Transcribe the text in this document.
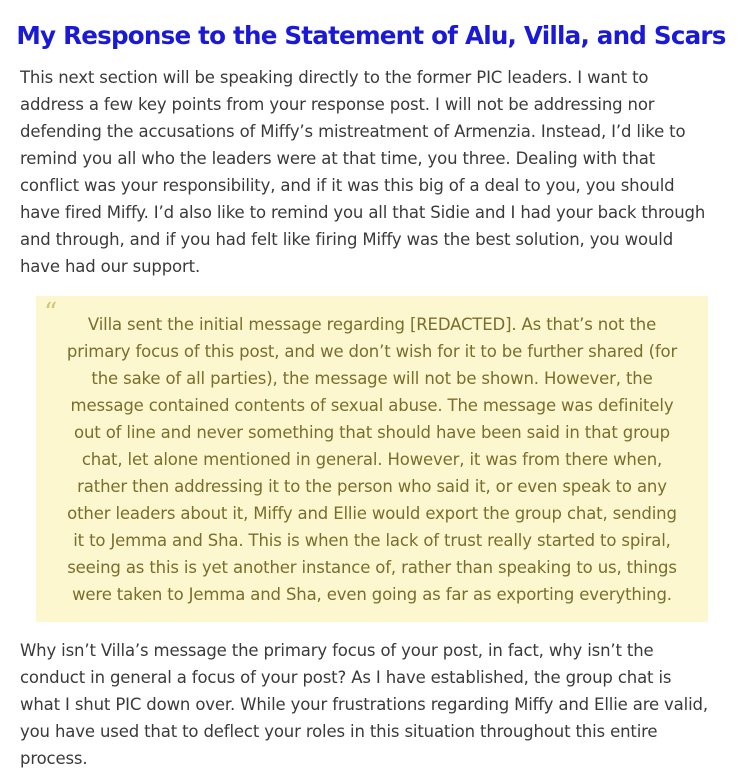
My Response to the Statement of Alu, Villa, and Scars

This next section will be speaking directly to the former PIC leaders. I want to
address a few key points from your response post. I will not be addressing nor
defending the accusations of Miffy’s mistreatment of Armenzia. Instead, I’d like to
remind you all who the leaders were at that time, you three. Dealing with that
conflict was your responsibility, and if it was this big of a deal to you, you should
have fired Miffy. I’d also like to remind you all that Sidie and I had your back through
and through, and if you had felt like firing Miffy was the best solution, you would
have had our support.

“	Villa sent the initial message regarding [REDACTED]. As that’s not the
primary focus of this post, and we don’t wish for it to be further shared (for
the sake of all parties), the message will not be shown. However, the
message contained contents of sexual abuse. The message was definitely
out of line and never something that should have been said in that group
chat, let alone mentioned in general. However, it was from there when,
rather then addressing it to the person who said it, or even speak to any
other leaders about it, Miffy and Ellie would export the group chat, sending
it to Jemma and Sha. This is when the lack of trust really started to spiral,
seeing as this is yet another instance of, rather than speaking to us, things
were taken to Jemma and Sha, even going as far as exporting everything.

Why isn’t Villa’s message the primary focus of your post, in fact, why isn’t the
conduct in general a focus of your post? As I have established, the group chat is
what I shut PIC down over. While your frustrations regarding Miffy and Ellie are valid,
you have used that to deflect your roles in this situation throughout this entire
process.
